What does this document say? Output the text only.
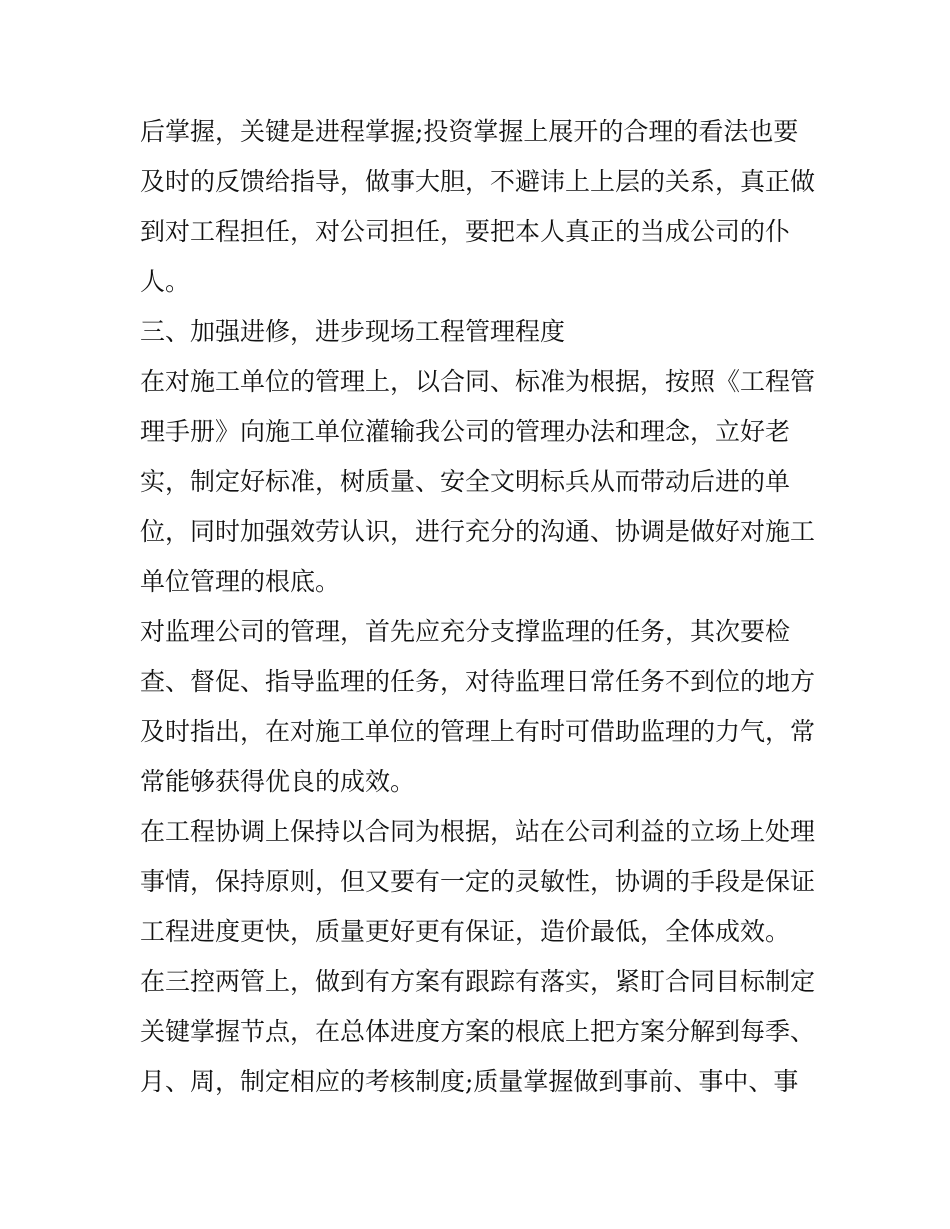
后掌握，关键是进程掌握;投资掌握上展开的合理的看法也要
及时的反馈给指导，做事大胆，不避讳上上层的关系，真正做
到对工程担任，对公司担任，要把本人真正的当成公司的仆
人。
三、加强进修，进步现场工程管理程度
在对施工单位的管理上，以合同、标准为根据，按照《工程管
理手册》向施工单位灌输我公司的管理办法和理念，立好老
实，制定好标准，树质量、安全文明标兵从而带动后进的单
位，同时加强效劳认识，进行充分的沟通、协调是做好对施工
单位管理的根底。
对监理公司的管理，首先应充分支撑监理的任务，其次要检
查、督促、指导监理的任务，对待监理日常任务不到位的地方
及时指出，在对施工单位的管理上有时可借助监理的力气，常
常能够获得优良的成效。
在工程协调上保持以合同为根据，站在公司利益的立场上处理
事情，保持原则，但又要有一定的灵敏性，协调的手段是保证
工程进度更快，质量更好更有保证，造价最低，全体成效。
在三控两管上，做到有方案有跟踪有落实，紧盯合同目标制定
关键掌握节点，在总体进度方案的根底上把方案分解到每季、
月、周，制定相应的考核制度;质量掌握做到事前、事中、事
